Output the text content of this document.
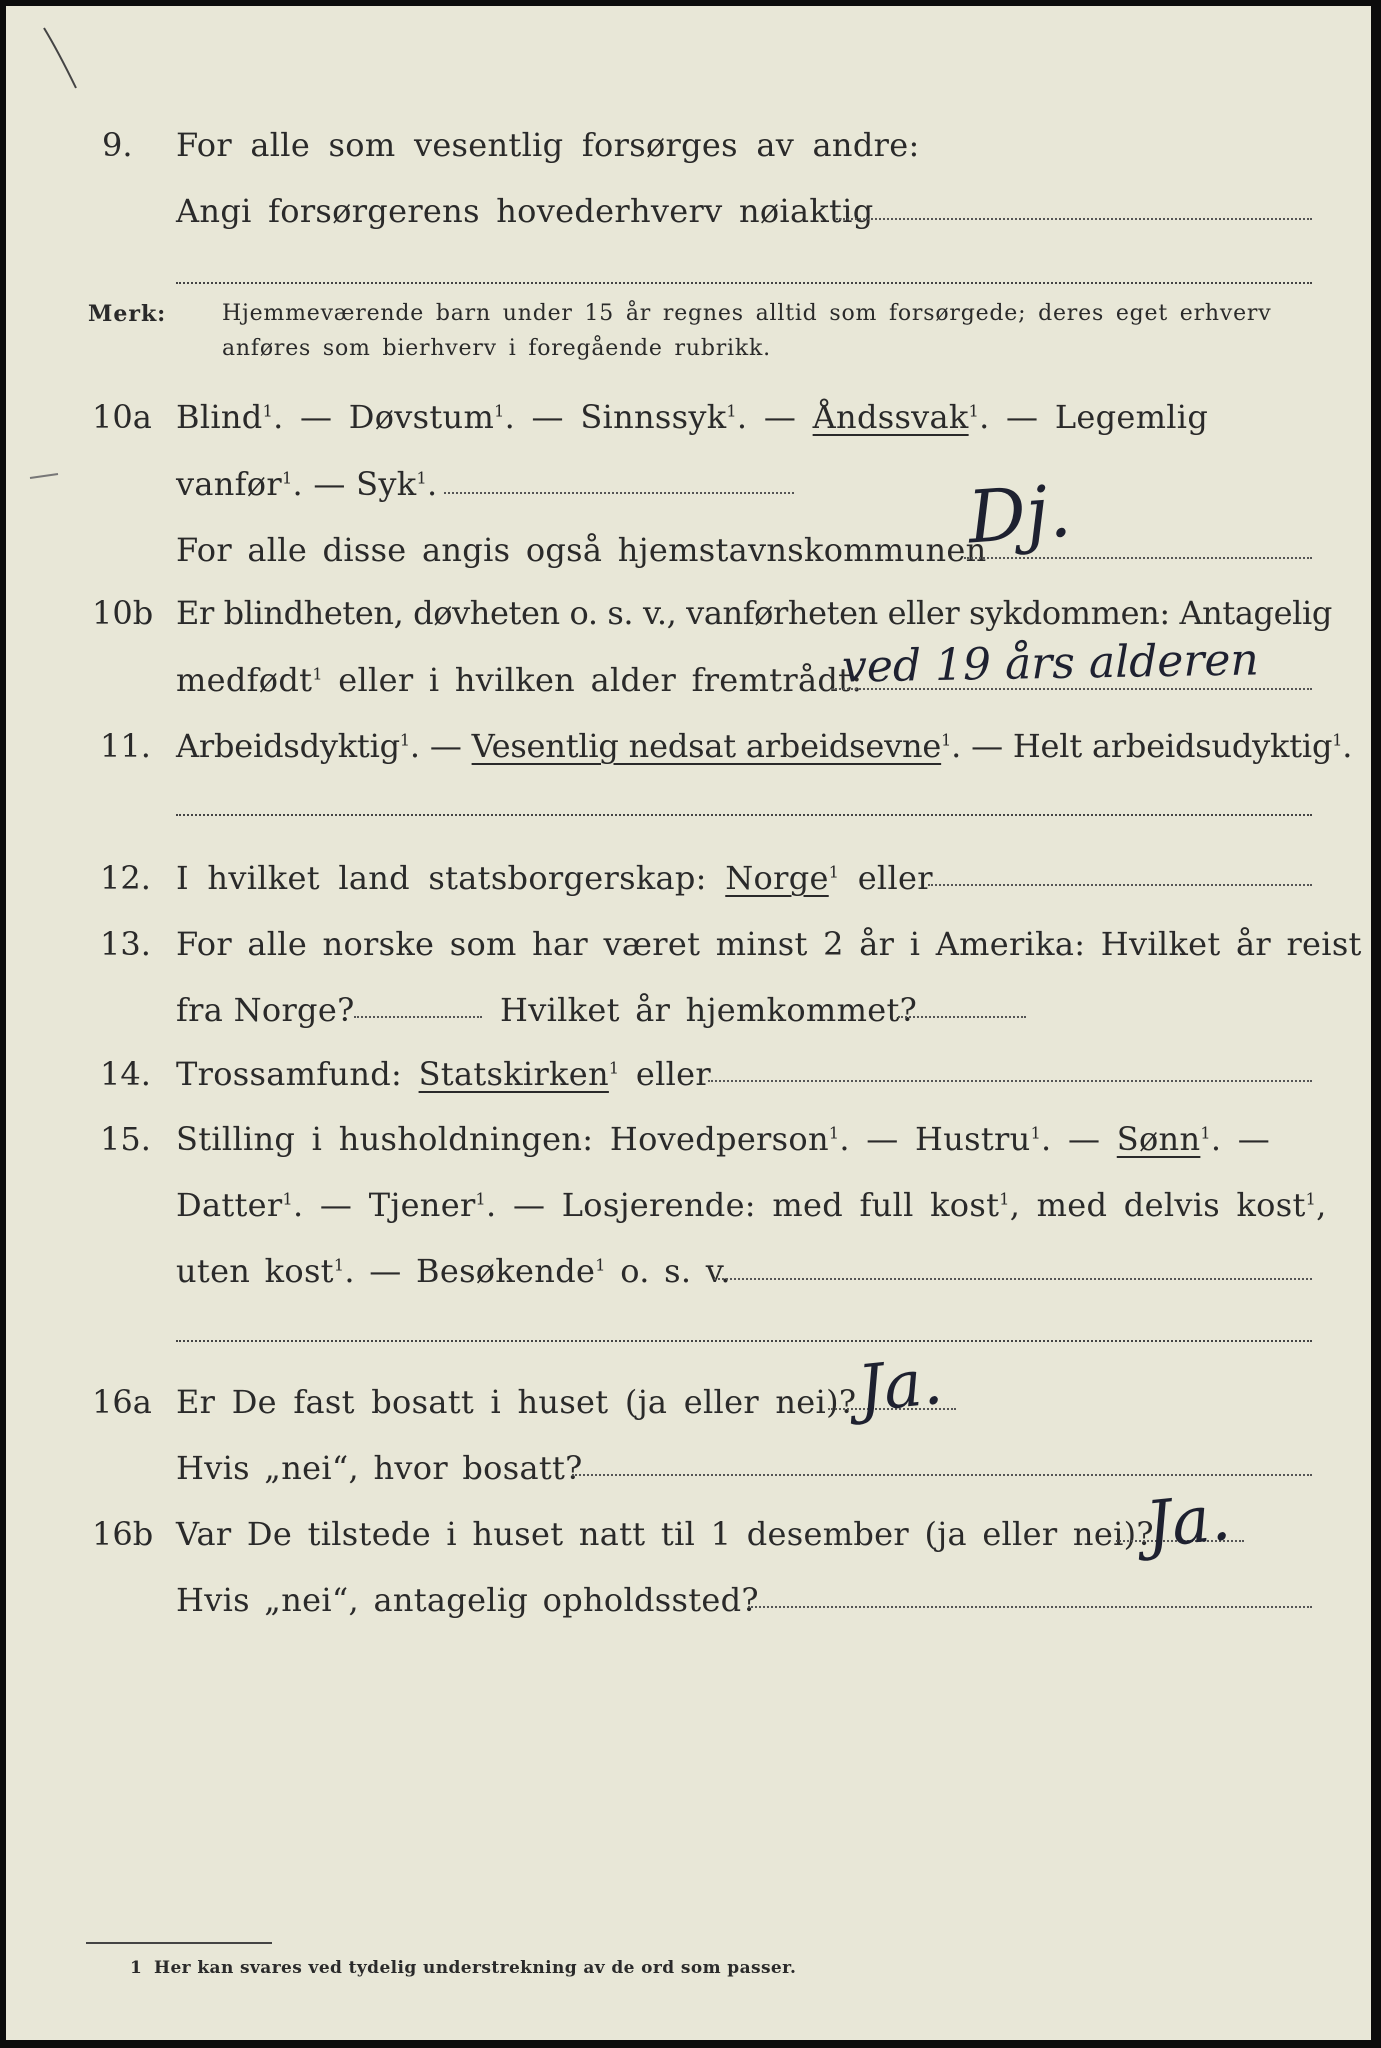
9. For alle som vesentlig forsørges av andre:
Angi forsørgerens hovederhverv nøiaktig
Merk:	Hjemmeværende barn under 15 år regnes alltid som forsørgede; deres eget erhverv
anføres som bierhverv i foregående rubrikk.
10a Blind$^1$. — Døvstum$^1$. — Sinnssyk$^1$. — Åndssvak$^1$. — Legemlig
vanfør$^1$. — Syk$^1$.
For alle disse angis også hjemstavnskommunen
Dj.
10b Er blindheten, døvheten o. s. v., vanførheten eller sykdommen: Antagelig
medfødt$^1$ eller i hvilken alder fremtrådt:
ved 19 års alderen
11. Arbeidsdyktig$^1$. — Vesentlig nedsat arbeidsevne$^1$. — Helt arbeidsudyktig$^1$.
12. I hvilket land statsborgerskap: Norge$^1$ eller
13. For alle norske som har været minst 2 år i Amerika: Hvilket år reist
fra Norge?	Hvilket år hjemkommet?
14. Trossamfund: Statskirken$^1$ eller
15. Stilling i husholdningen: Hovedperson$^1$. — Hustru$^1$. — Sønn$^1$. —
Datter$^1$. — Tjener$^1$. — Losjerende: med full kost$^1$, med delvis kost$^1$,
uten kost$^1$. — Besøkende$^1$ o. s. v.
16a Er De fast bosatt i huset (ja eller nei)?
Ja.
Hvis „nei“, hvor bosatt?
16b Var De tilstede i huset natt til 1 desember (ja eller nei)?
Ja.
Hvis „nei“, antagelig opholdssted?
1 Her kan svares ved tydelig understrekning av de ord som passer.
